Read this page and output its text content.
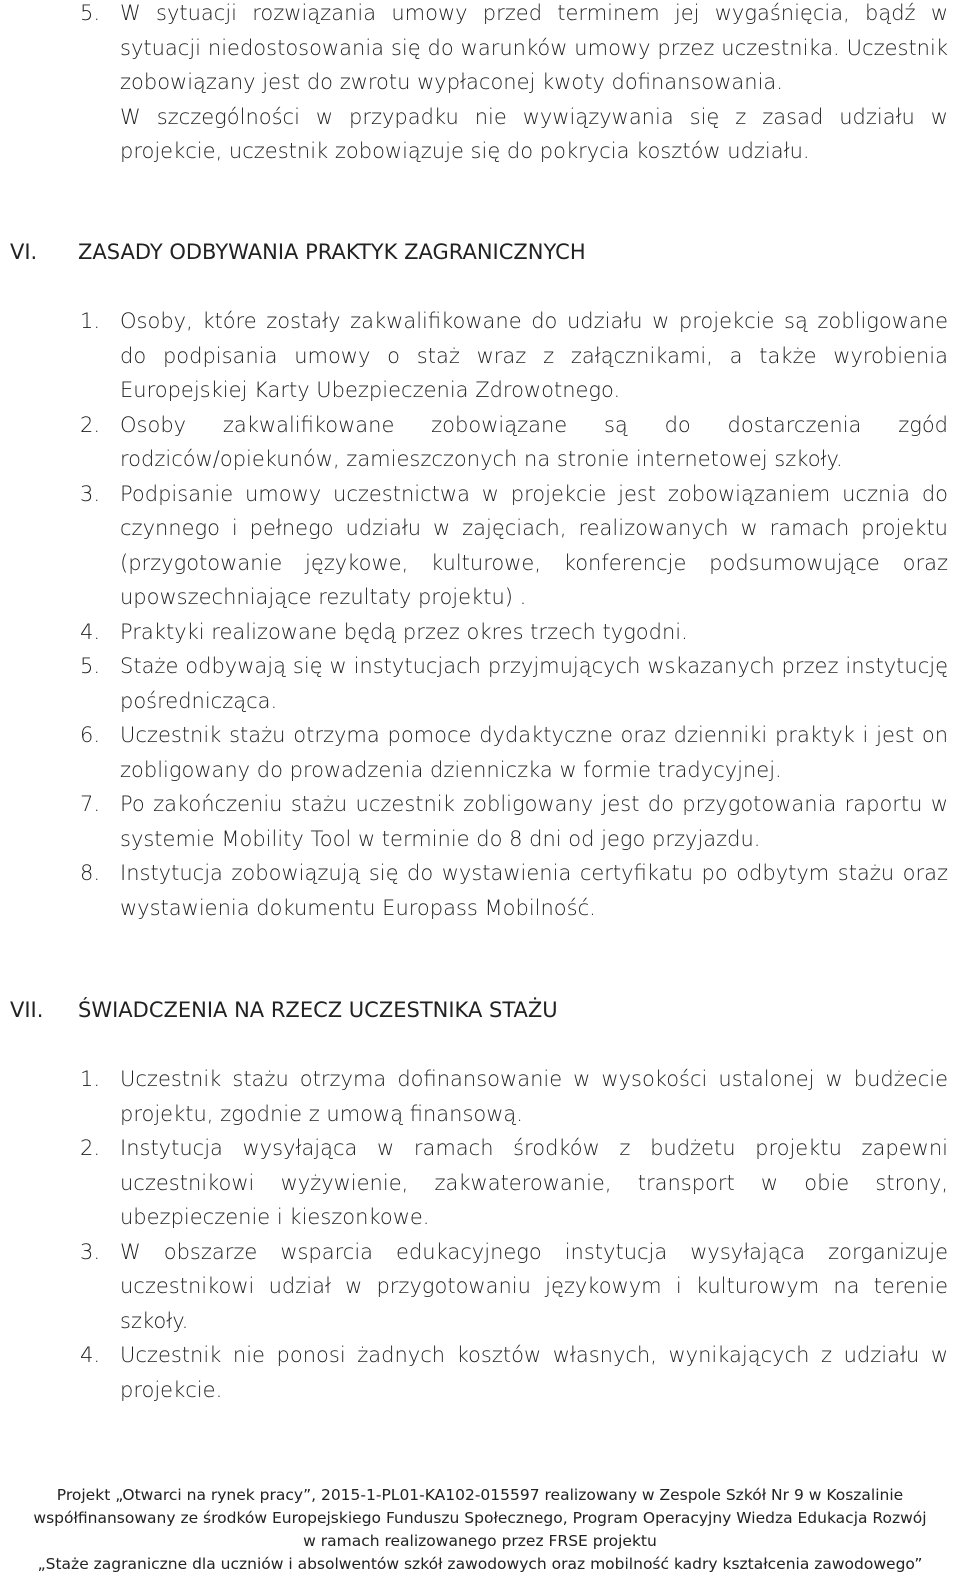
5. W sytuacji rozwiązania umowy przed terminem jej wygaśnięcia, bądź w sytuacji niedostosowania się do warunków umowy przez uczestnika. Uczestnik zobowiązany jest do zwrotu wypłaconej kwoty dofinansowania.
W szczególności w przypadku nie wywiązywania się z zasad udziału w projekcie, uczestnik zobowiązuje się do pokrycia kosztów udziału.
VI.	ZASADY ODBYWANIA PRAKTYK ZAGRANICZNYCH
1. Osoby, które zostały zakwalifikowane do udziału w projekcie są zobligowane do podpisania umowy o staż wraz z załącznikami, a także wyrobienia Europejskiej Karty Ubezpieczenia Zdrowotnego.
2. Osoby zakwalifikowane zobowiązane są do dostarczenia zgód rodziców/opiekunów, zamieszczonych na stronie internetowej szkoły.
3. Podpisanie umowy uczestnictwa w projekcie jest zobowiązaniem ucznia do czynnego i pełnego udziału w zajęciach, realizowanych w ramach projektu (przygotowanie językowe, kulturowe, konferencje podsumowujące oraz upowszechniające rezultaty projektu) .
4. Praktyki realizowane będą przez okres trzech tygodni.
5. Staże odbywają się w instytucjach przyjmujących wskazanych przez instytucję pośrednicząca.
6. Uczestnik stażu otrzyma pomoce dydaktyczne oraz dzienniki praktyk i jest on zobligowany do prowadzenia dzienniczka w formie tradycyjnej.
7. Po zakończeniu stażu uczestnik zobligowany jest do przygotowania raportu w systemie Mobility Tool w terminie do 8 dni od jego przyjazdu.
8. Instytucja zobowiązują się do wystawienia certyfikatu po odbytym stażu oraz wystawienia dokumentu Europass Mobilność.
VII.	ŚWIADCZENIA NA RZECZ UCZESTNIKA STAŻU
1. Uczestnik stażu otrzyma dofinansowanie w wysokości ustalonej w budżecie projektu, zgodnie z umową finansową.
2. Instytucja wysyłająca w ramach środków z budżetu projektu zapewni uczestnikowi wyżywienie, zakwaterowanie, transport w obie strony, ubezpieczenie i kieszonkowe.
3. W obszarze wsparcia edukacyjnego instytucja wysyłająca zorganizuje uczestnikowi udział w przygotowaniu językowym i kulturowym na terenie szkoły.
4. Uczestnik nie ponosi żadnych kosztów własnych, wynikających z udziału w projekcie.
Projekt „Otwarci na rynek pracy”, 2015-1-PL01-KA102-015597 realizowany w Zespole Szkół Nr 9 w Koszalinie
współfinansowany ze środków Europejskiego Funduszu Społecznego, Program Operacyjny Wiedza Edukacja Rozwój
w ramach realizowanego przez FRSE projektu
„Staże zagraniczne dla uczniów i absolwentów szkół zawodowych oraz mobilność kadry kształcenia zawodowego”
